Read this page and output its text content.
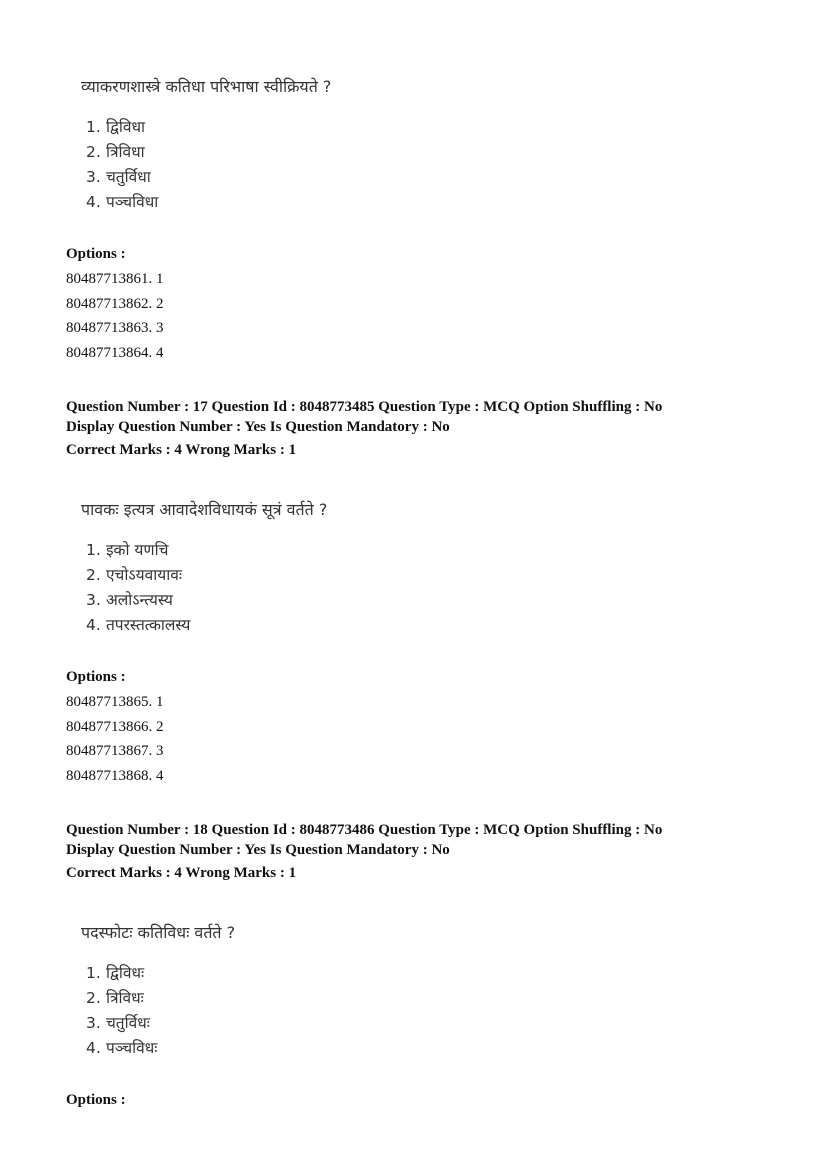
व्याकरणशास्त्रे कतिधा परिभाषा स्वीक्रियते ?
1. द्विविधा
2. त्रिविधा
3. चतुर्विधा
4. पञ्चविधा
Options :
80487713861. 1
80487713862. 2
80487713863. 3
80487713864. 4
Question Number : 17 Question Id : 8048773485 Question Type : MCQ Option Shuffling : No
Display Question Number : Yes Is Question Mandatory : No
Correct Marks : 4 Wrong Marks : 1
पावकः इत्यत्र आवादेशविधायकं सूत्रं वर्तते ?
1. इको यणचि
2. एचोऽयवायावः
3. अलोऽन्त्यस्य
4. तपरस्तत्कालस्य
Options :
80487713865. 1
80487713866. 2
80487713867. 3
80487713868. 4
Question Number : 18 Question Id : 8048773486 Question Type : MCQ Option Shuffling : No
Display Question Number : Yes Is Question Mandatory : No
Correct Marks : 4 Wrong Marks : 1
पदस्फोटः कतिविधः वर्तते ?
1. द्विविधः
2. त्रिविधः
3. चतुर्विधः
4. पञ्चविधः
Options :
